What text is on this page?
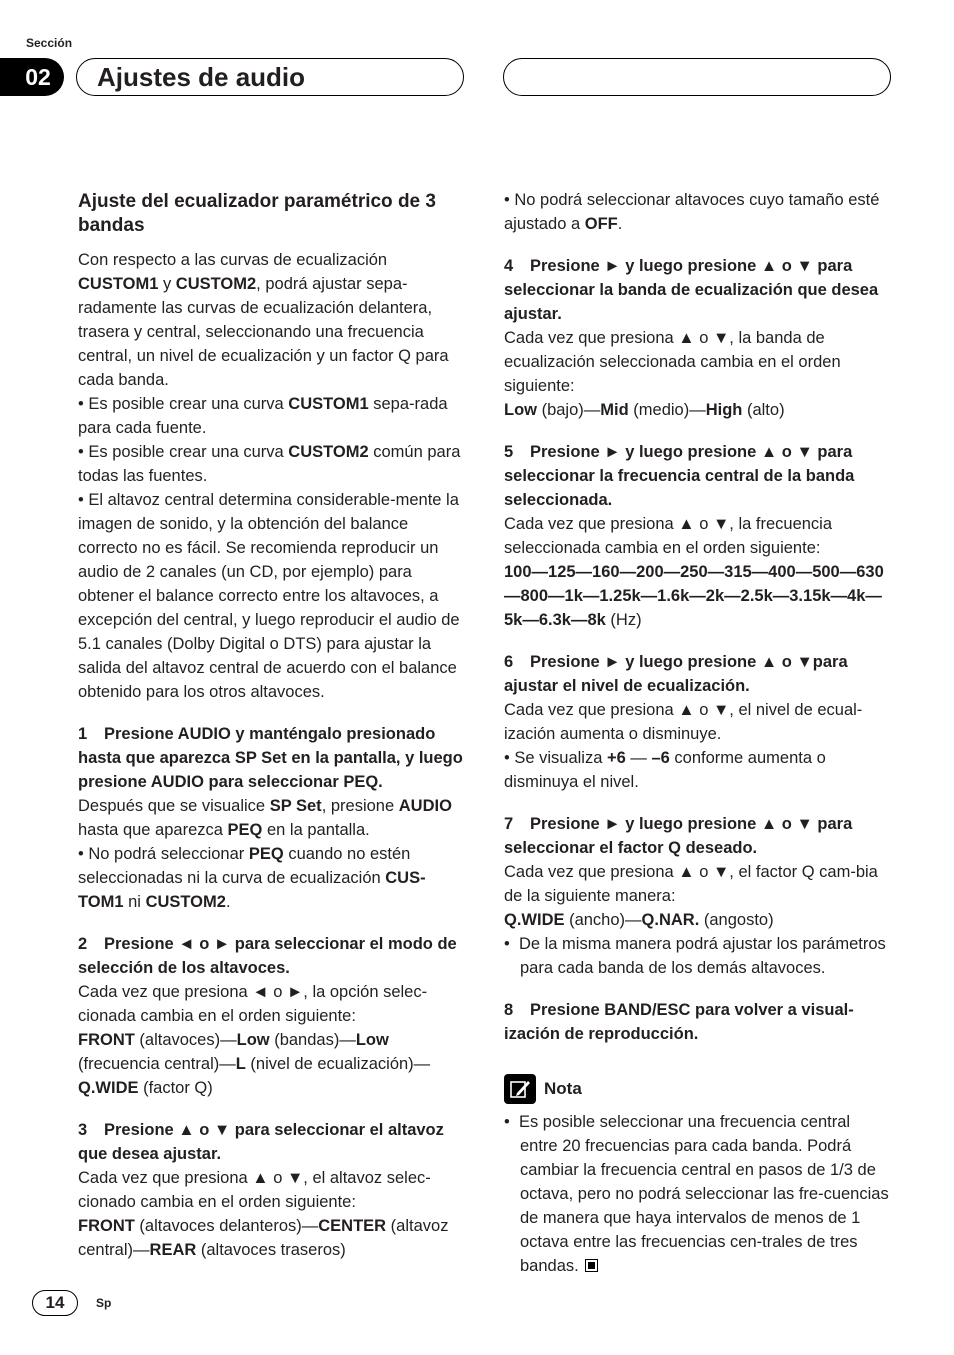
Sección
02	Ajustes de audio
Ajuste del ecualizador paramétrico de 3 bandas

Con respecto a las curvas de ecualización CUSTOM1 y CUSTOM2, podrá ajustar sepa-radamente las curvas de ecualización delantera, trasera y central, seleccionando una frecuencia central, un nivel de ecualización y un factor Q para cada banda.

• Es posible crear una curva CUSTOM1 sepa-rada para cada fuente.

• Es posible crear una curva CUSTOM2 común para todas las fuentes.

• El altavoz central determina considerable-mente la imagen de sonido, y la obtención del balance correcto no es fácil. Se recomienda reproducir un audio de 2 canales (un CD, por ejemplo) para obtener el balance correcto entre los altavoces, a excepción del central, y luego reproducir el audio de 5.1 canales (Dolby Digital o DTS) para ajustar la salida del altavoz central de acuerdo con el balance obtenido para los otros altavoces.

1 Presione AUDIO y manténgalo presionado hasta que aparezca SP Set en la pantalla, y luego presione AUDIO para seleccionar PEQ.

Después que se visualice SP Set, presione AUDIO hasta que aparezca PEQ en la pantalla.

• No podrá seleccionar PEQ cuando no estén seleccionadas ni la curva de ecualización CUS-TOM1 ni CUSTOM2.

2 Presione ◄ o ► para seleccionar el modo de selección de los altavoces.

Cada vez que presiona ◄ o ►, la opción selec-cionada cambia en el orden siguiente:

FRONT (altavoces)—Low (bandas)—Low (frecuencia central)—L (nivel de ecualización)—Q.WIDE (factor Q)

3 Presione ▲ o ▼ para seleccionar el altavoz que desea ajustar.

Cada vez que presiona ▲ o ▼, el altavoz selec-cionado cambia en el orden siguiente:

FRONT (altavoces delanteros)—CENTER (altavoz central)—REAR (altavoces traseros)

• No podrá seleccionar altavoces cuyo tamaño esté ajustado a OFF.

4 Presione ► y luego presione ▲ o ▼ para seleccionar la banda de ecualización que desea ajustar.

Cada vez que presiona ▲ o ▼, la banda de ecualización seleccionada cambia en el orden siguiente:

Low (bajo)—Mid (medio)—High (alto)

5 Presione ► y luego presione ▲ o ▼ para seleccionar la frecuencia central de la banda seleccionada.

Cada vez que presiona ▲ o ▼, la frecuencia seleccionada cambia en el orden siguiente:

100—125—160—200—250—315—400—500—630—800—1k—1.25k—1.6k—2k—2.5k—3.15k—4k—5k—6.3k—8k (Hz)

6 Presione ► y luego presione ▲ o ▼para ajustar el nivel de ecualización.

Cada vez que presiona ▲ o ▼, el nivel de ecual-ización aumenta o disminuye.

• Se visualiza +6 — –6 conforme aumenta o disminuya el nivel.

7 Presione ► y luego presione ▲ o ▼ para seleccionar el factor Q deseado.

Cada vez que presiona ▲ o ▼, el factor Q cam-bia de la siguiente manera:

Q.WIDE (ancho)—Q.NAR. (angosto)

•  De la misma manera podrá ajustar los parámetros para cada banda de los demás altavoces.

8 Presione BAND/ESC para volver a visual-ización de reproducción.

Nota

•  Es posible seleccionar una frecuencia central entre 20 frecuencias para cada banda. Podrá cambiar la frecuencia central en pasos de 1/3 de octava, pero no podrá seleccionar las fre-cuencias de manera que haya intervalos de menos de 1 octava entre las frecuencias cen-trales de tres bandas.

14	Sp
